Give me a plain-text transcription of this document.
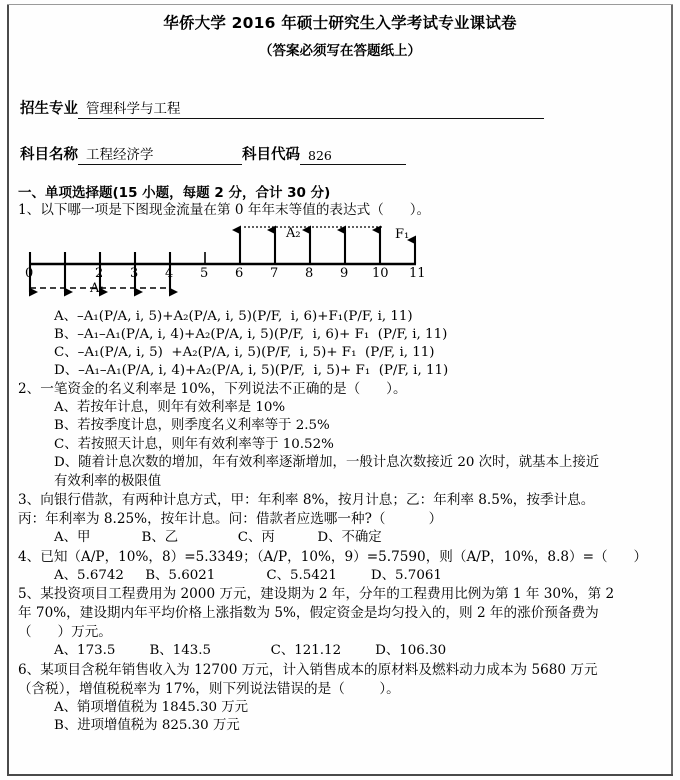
华侨大学 2016 年硕士研究生入学考试专业课试卷
（答案必须写在答题纸上）
招生专业 管理科学与工程
科目名称 工程经济学	科目代码 826
一、单项选择题(15 小题，每题 2 分，合计 30 分)
1、以下哪一项是下图现金流量在第 0 年年末等值的表达式（      ）。
0	2 3 4 5 6 7 8 9 10 11
A₁
A₂	F₁
A、–A₁(P/A, i, 5)+A₂(P/A, i, 5)(P/F,  i, 6)+F₁(P/F, i, 11)
B、–A₁–A₁(P/A, i, 4)+A₂(P/A, i, 5)(P/F,  i, 6)+ F₁  (P/F, i, 11)
C、–A₁(P/A, i, 5)  +A₂(P/A, i, 5)(P/F,  i, 5)+ F₁  (P/F, i, 11)
D、–A₁–A₁(P/A, i, 4)+A₂(P/A, i, 5)(P/F,  i, 5)+ F₁  (P/F, i, 11)
2、一笔资金的名义利率是 10%，下列说法不正确的是（      ）。
A、若按年计息，则年有效利率是 10%
B、若按季度计息，则季度名义利率等于 2.5%
C、若按照天计息，则年有效利率等于 10.52%
D、随着计息次数的增加，年有效利率逐渐增加，一般计息次数接近 20 次时，就基本上接近
有效利率的极限值
3、向银行借款，有两种计息方式，甲：年利率 8%，按月计息；乙：年利率 8.5%，按季计息。
丙：年利率为 8.25%，按年计息。问：借款者应选哪一种?（          ）
A、甲            B、乙              C、丙          D、不确定
4、已知（A/P，10%，8）=5.3349；（A/P，10%，9）=5.7590，则（A/P，10%，8.8）=（      ）
A、5.6742     B、5.6021            C、5.5421        D、5.7061
5、某投资项目工程费用为 2000 万元，建设期为 2 年，分年的工程费用比例为第 1 年 30%，第 2
年 70%，建设期内年平均价格上涨指数为 5%，假定资金是均匀投入的，则 2 年的涨价预备费为
（      ）万元。
A、173.5        B、143.5              C、121.12        D、106.30
6、某项目含税年销售收入为 12700 万元，计入销售成本的原材料及燃料动力成本为 5680 万元
（含税），增值税税率为 17%，则下列说法错误的是（        ）。
A、销项增值税为 1845.30 万元
B、进项增值税为 825.30 万元
